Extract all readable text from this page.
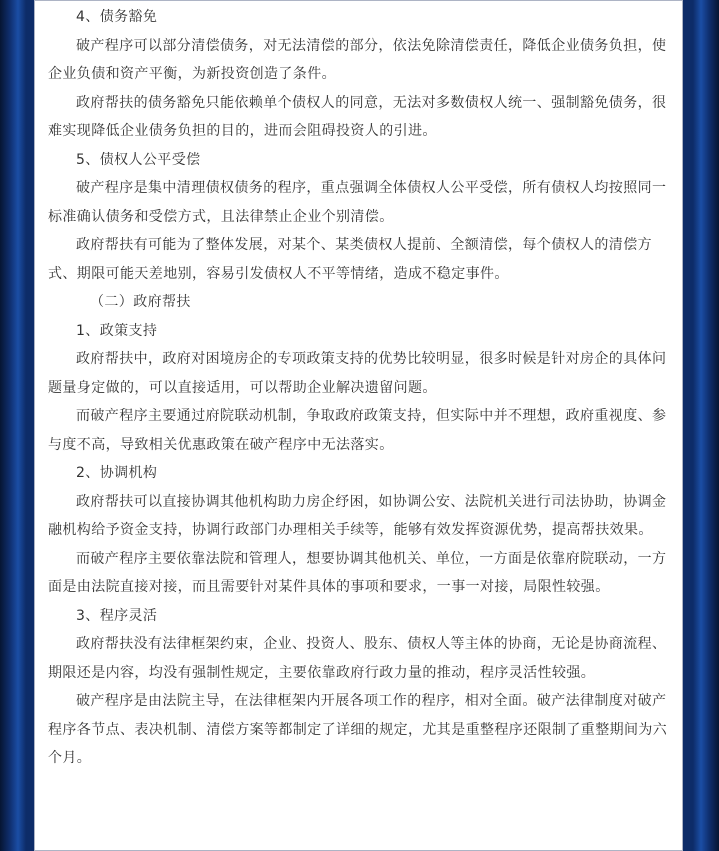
4、债务豁免

破产程序可以部分清偿债务，对无法清偿的部分，依法免除清偿责任，降低企业债务负担，使企业负债和资产平衡，为新投资创造了条件。

政府帮扶的债务豁免只能依赖单个债权人的同意，无法对多数债权人统一、强制豁免债务，很难实现降低企业债务负担的目的，进而会阻碍投资人的引进。

5、债权人公平受偿

破产程序是集中清理债权债务的程序，重点强调全体债权人公平受偿，所有债权人均按照同一标准确认债务和受偿方式，且法律禁止企业个别清偿。

政府帮扶有可能为了整体发展，对某个、某类债权人提前、全额清偿，每个债权人的清偿方式、期限可能天差地别，容易引发债权人不平等情绪，造成不稳定事件。

（二）政府帮扶

1、政策支持

政府帮扶中，政府对困境房企的专项政策支持的优势比较明显，很多时候是针对房企的具体问题量身定做的，可以直接适用，可以帮助企业解决遗留问题。

而破产程序主要通过府院联动机制，争取政府政策支持，但实际中并不理想，政府重视度、参与度不高，导致相关优惠政策在破产程序中无法落实。

2、协调机构

政府帮扶可以直接协调其他机构助力房企纾困，如协调公安、法院机关进行司法协助，协调金融机构给予资金支持，协调行政部门办理相关手续等，能够有效发挥资源优势，提高帮扶效果。

而破产程序主要依靠法院和管理人，想要协调其他机关、单位，一方面是依靠府院联动，一方面是由法院直接对接，而且需要针对某件具体的事项和要求，一事一对接，局限性较强。

3、程序灵活

政府帮扶没有法律框架约束，企业、投资人、股东、债权人等主体的协商，无论是协商流程、期限还是内容，均没有强制性规定，主要依靠政府行政力量的推动，程序灵活性较强。

破产程序是由法院主导，在法律框架内开展各项工作的程序，相对全面。破产法律制度对破产程序各节点、表决机制、清偿方案等都制定了详细的规定，尤其是重整程序还限制了重整期间为六个月。
